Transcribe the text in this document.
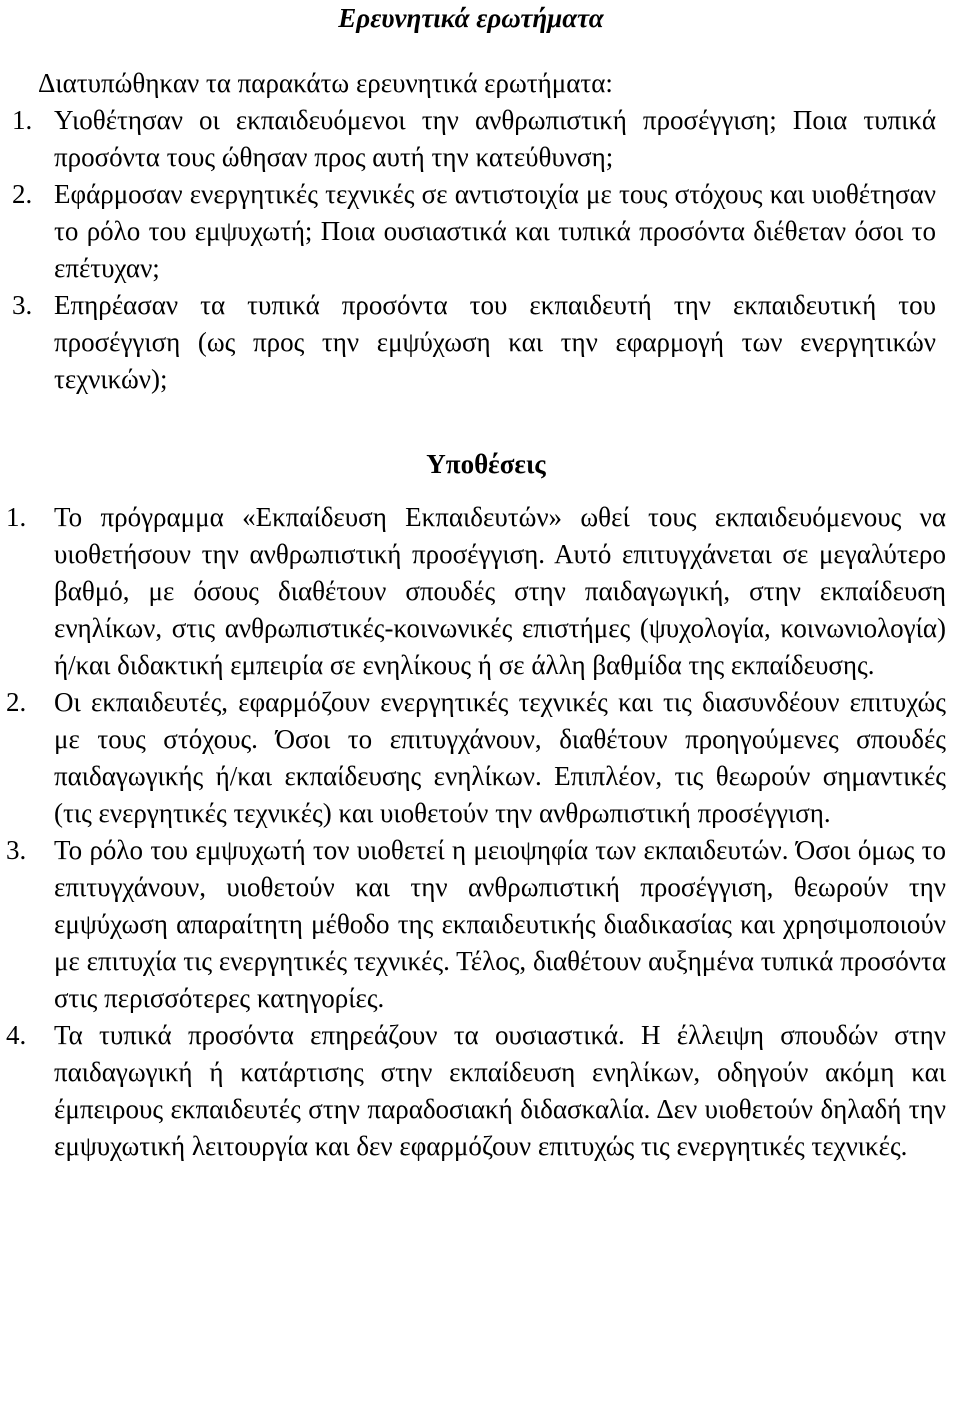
Ερευνητικά ερωτήματα

Διατυπώθηκαν τα παρακάτω ερευνητικά ερωτήματα:

1. Υιοθέτησαν οι εκπαιδευόμενοι την ανθρωπιστική προσέγγιση; Ποια τυπικά προσόντα τους ώθησαν προς αυτή την κατεύθυνση;
2. Εφάρμοσαν ενεργητικές τεχνικές σε αντιστοιχία με τους στόχους και υιοθέτησαν το ρόλο του εμψυχωτή; Ποια ουσιαστικά και τυπικά προσόντα διέθεταν όσοι το επέτυχαν;
3. Επηρέασαν τα τυπικά προσόντα του εκπαιδευτή την εκπαιδευτική του προσέγγιση (ως προς την εμψύχωση και την εφαρμογή των ενεργητικών τεχνικών);
Υποθέσεις
1. Το πρόγραμμα «Εκπαίδευση Εκπαιδευτών» ωθεί τους εκπαιδευόμενους να υιοθετήσουν την ανθρωπιστική προσέγγιση. Αυτό επιτυγχάνεται σε μεγαλύτερο βαθμό, με όσους διαθέτουν σπουδές στην παιδαγωγική, στην εκπαίδευση ενηλίκων, στις ανθρωπιστικές-κοινωνικές επιστήμες (ψυχολογία, κοινωνιολογία) ή/και διδακτική εμπειρία σε ενηλίκους ή σε άλλη βαθμίδα της εκπαίδευσης.
2. Οι εκπαιδευτές, εφαρμόζουν ενεργητικές τεχνικές και τις διασυνδέουν επιτυχώς με τους στόχους. Όσοι το επιτυγχάνουν, διαθέτουν προηγούμενες σπουδές παιδαγωγικής ή/και εκπαίδευσης ενηλίκων. Επιπλέον, τις θεωρούν σημαντικές (τις ενεργητικές τεχνικές) και υιοθετούν την ανθρωπιστική προσέγγιση.
3. Το ρόλο του εμψυχωτή τον υιοθετεί η μειοψηφία των εκπαιδευτών. Όσοι όμως το επιτυγχάνουν, υιοθετούν και την ανθρωπιστική προσέγγιση, θεωρούν την εμψύχωση απαραίτητη μέθοδο της εκπαιδευτικής διαδικασίας και χρησιμοποιούν με επιτυχία τις ενεργητικές τεχνικές. Τέλος, διαθέτουν αυξημένα τυπικά προσόντα στις περισσότερες κατηγορίες.
4. Τα τυπικά προσόντα επηρεάζουν τα ουσιαστικά. Η έλλειψη σπουδών στην παιδαγωγική ή κατάρτισης στην εκπαίδευση ενηλίκων, οδηγούν ακόμη και έμπειρους εκπαιδευτές στην παραδοσιακή διδασκαλία. Δεν υιοθετούν δηλαδή την εμψυχωτική λειτουργία και δεν εφαρμόζουν επιτυχώς τις ενεργητικές τεχνικές.
